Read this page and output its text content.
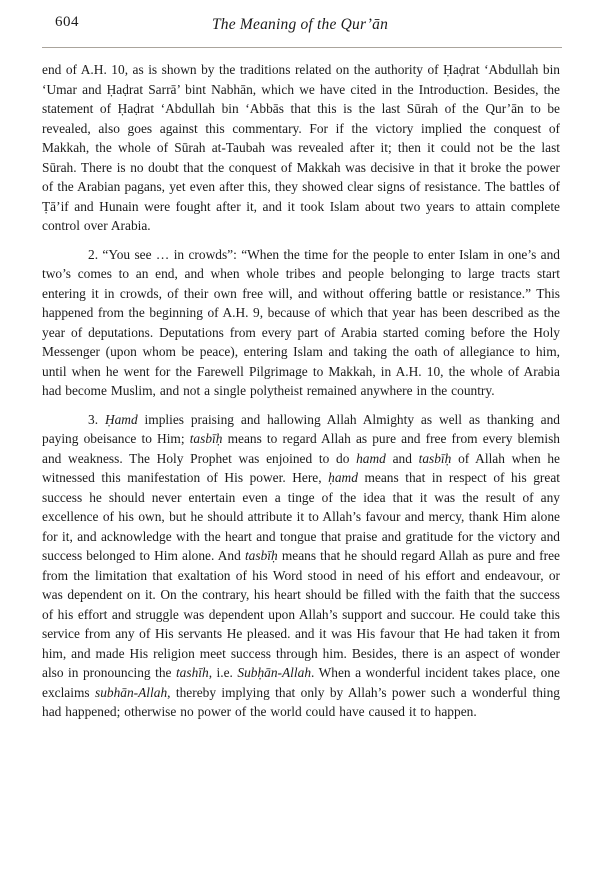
604	The Meaning of the Qur’ān

end of A.H. 10, as is shown by the traditions related on the authority of Ḥaḍrat ‘Abdullah bin ‘Umar and Ḥaḍrat Sarrā’ bint Nabhān, which we have cited in the Introduction. Besides, the statement of Ḥaḍrat ‘Abdullah bin ‘Abbās that this is the last Sūrah of the Qur’ān to be revealed, also goes against this commentary. For if the victory implied the conquest of Makkah, the whole of Sūrah at-Taubah was revealed after it; then it could not be the last Sūrah. There is no doubt that the conquest of Makkah was decisive in that it broke the power of the Arabian pagans, yet even after this, they showed clear signs of resistance. The battles of Ṭā’if and Hunain were fought after it, and it took Islam about two years to attain complete control over Arabia.

2. “You see … in crowds”: “When the time for the people to enter Islam in one’s and two’s comes to an end, and when whole tribes and people belonging to large tracts start entering it in crowds, of their own free will, and without offering battle or resistance.” This happened from the beginning of A.H. 9, because of which that year has been described as the year of deputations. Deputations from every part of Arabia started coming before the Holy Messenger (upon whom be peace), entering Islam and taking the oath of allegiance to him, until when he went for the Farewell Pilgrimage to Makkah, in A.H. 10, the whole of Arabia had become Muslim, and not a single polytheist remained anywhere in the country.

3. Ḥamd implies praising and hallowing Allah Almighty as well as thanking and paying obeisance to Him; tasbīḥ means to regard Allah as pure and free from every blemish and weakness. The Holy Prophet was enjoined to do hamd and tasbīḥ of Allah when he witnessed this manifestation of His power. Here, ḥamd means that in respect of his great success he should never entertain even a tinge of the idea that it was the result of any excellence of his own, but he should attribute it to Allah’s favour and mercy, thank Him alone for it, and acknowledge with the heart and tongue that praise and gratitude for the victory and success belonged to Him alone. And tasbīḥ means that he should regard Allah as pure and free from the limitation that exaltation of his Word stood in need of his effort and endeavour, or was dependent on it. On the contrary, his heart should be filled with the faith that the success of his effort and struggle was dependent upon Allah’s support and succour. He could take this service from any of His servants He pleased. and it was His favour that He had taken it from him, and made His religion meet success through him. Besides, there is an aspect of wonder also in pronouncing the tashīh, i.e. Subḥān-Allah. When a wonderful incident takes place, one exclaims subhān-Allah, thereby implying that only by Allah’s power such a wonderful thing had happened; otherwise no power of the world could have caused it to happen.
